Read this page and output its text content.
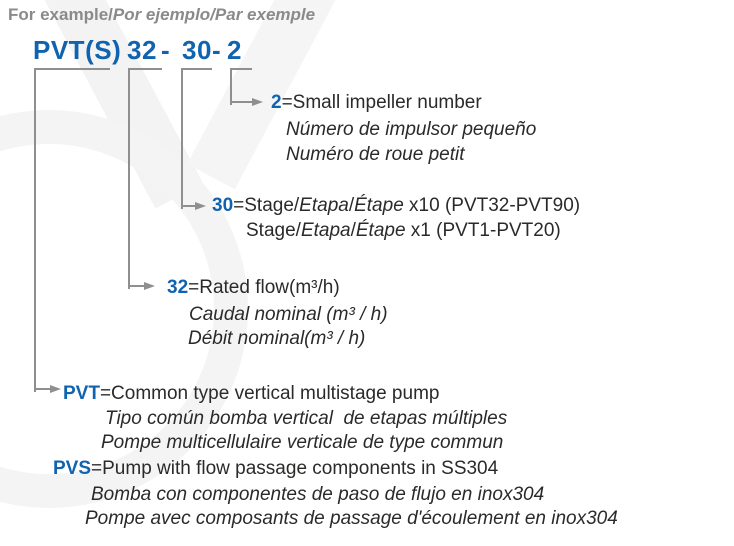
For example/Por ejemplo/Par exemple
PVT(S) 32 - 30 - 2
2=Small impeller number
Número de impulsor pequeño
Numéro de roue petit
30=Stage/Etapa/Étape x10 (PVT32-PVT90)
Stage/Etapa/Étape x1 (PVT1-PVT20)
32=Rated flow(m³/h)
Caudal nominal (m³ / h)
Débit nominal(m³ / h)
PVT=Common type vertical multistage pump
Tipo común bomba vertical  de etapas múltiples
Pompe multicellulaire verticale de type commun
PVS=Pump with flow passage components in SS304
Bomba con componentes de paso de flujo en inox304
Pompe avec composants de passage d'écoulement en inox304
